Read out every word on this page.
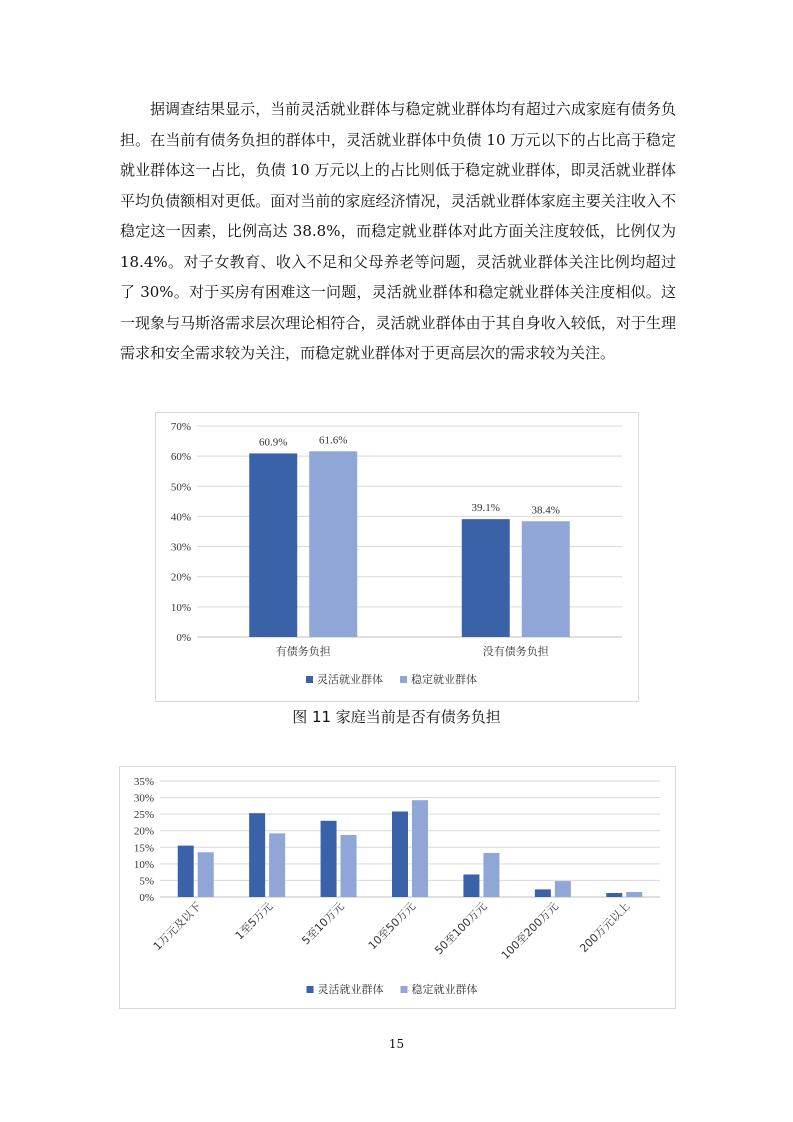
据调查结果显示，当前灵活就业群体与稳定就业群体均有超过六成家庭有债务负担。在当前有债务负担的群体中，灵活就业群体中负债 10 万元以下的占比高于稳定就业群体这一占比，负债 10 万元以上的占比则低于稳定就业群体，即灵活就业群体平均负债额相对更低。面对当前的家庭经济情况，灵活就业群体家庭主要关注收入不稳定这一因素，比例高达 38.8%，而稳定就业群体对此方面关注度较低，比例仅为 18.4%。对子女教育、收入不足和父母养老等问题，灵活就业群体关注比例均超过了 30%。对于买房有困难这一问题，灵活就业群体和稳定就业群体关注度相似。这一现象与马斯洛需求层次理论相符合，灵活就业群体由于其自身收入较低，对于生理需求和安全需求较为关注，而稳定就业群体对于更高层次的需求较为关注。

0%
10%
20%
30%
40%
50%
60%
70%
60.9%	61.6%
有债务负担
39.1%	38.4%
没有债务负担
灵活就业群体	稳定就业群体
图 11 家庭当前是否有债务负担
0%
5%
10%
15%
20%
25%
30%
35%
1万元及以下	1至5万元 5至10万元 10至50万元 50至100万元 100至200万元 200万元以上
灵活就业群体	稳定就业群体
15
